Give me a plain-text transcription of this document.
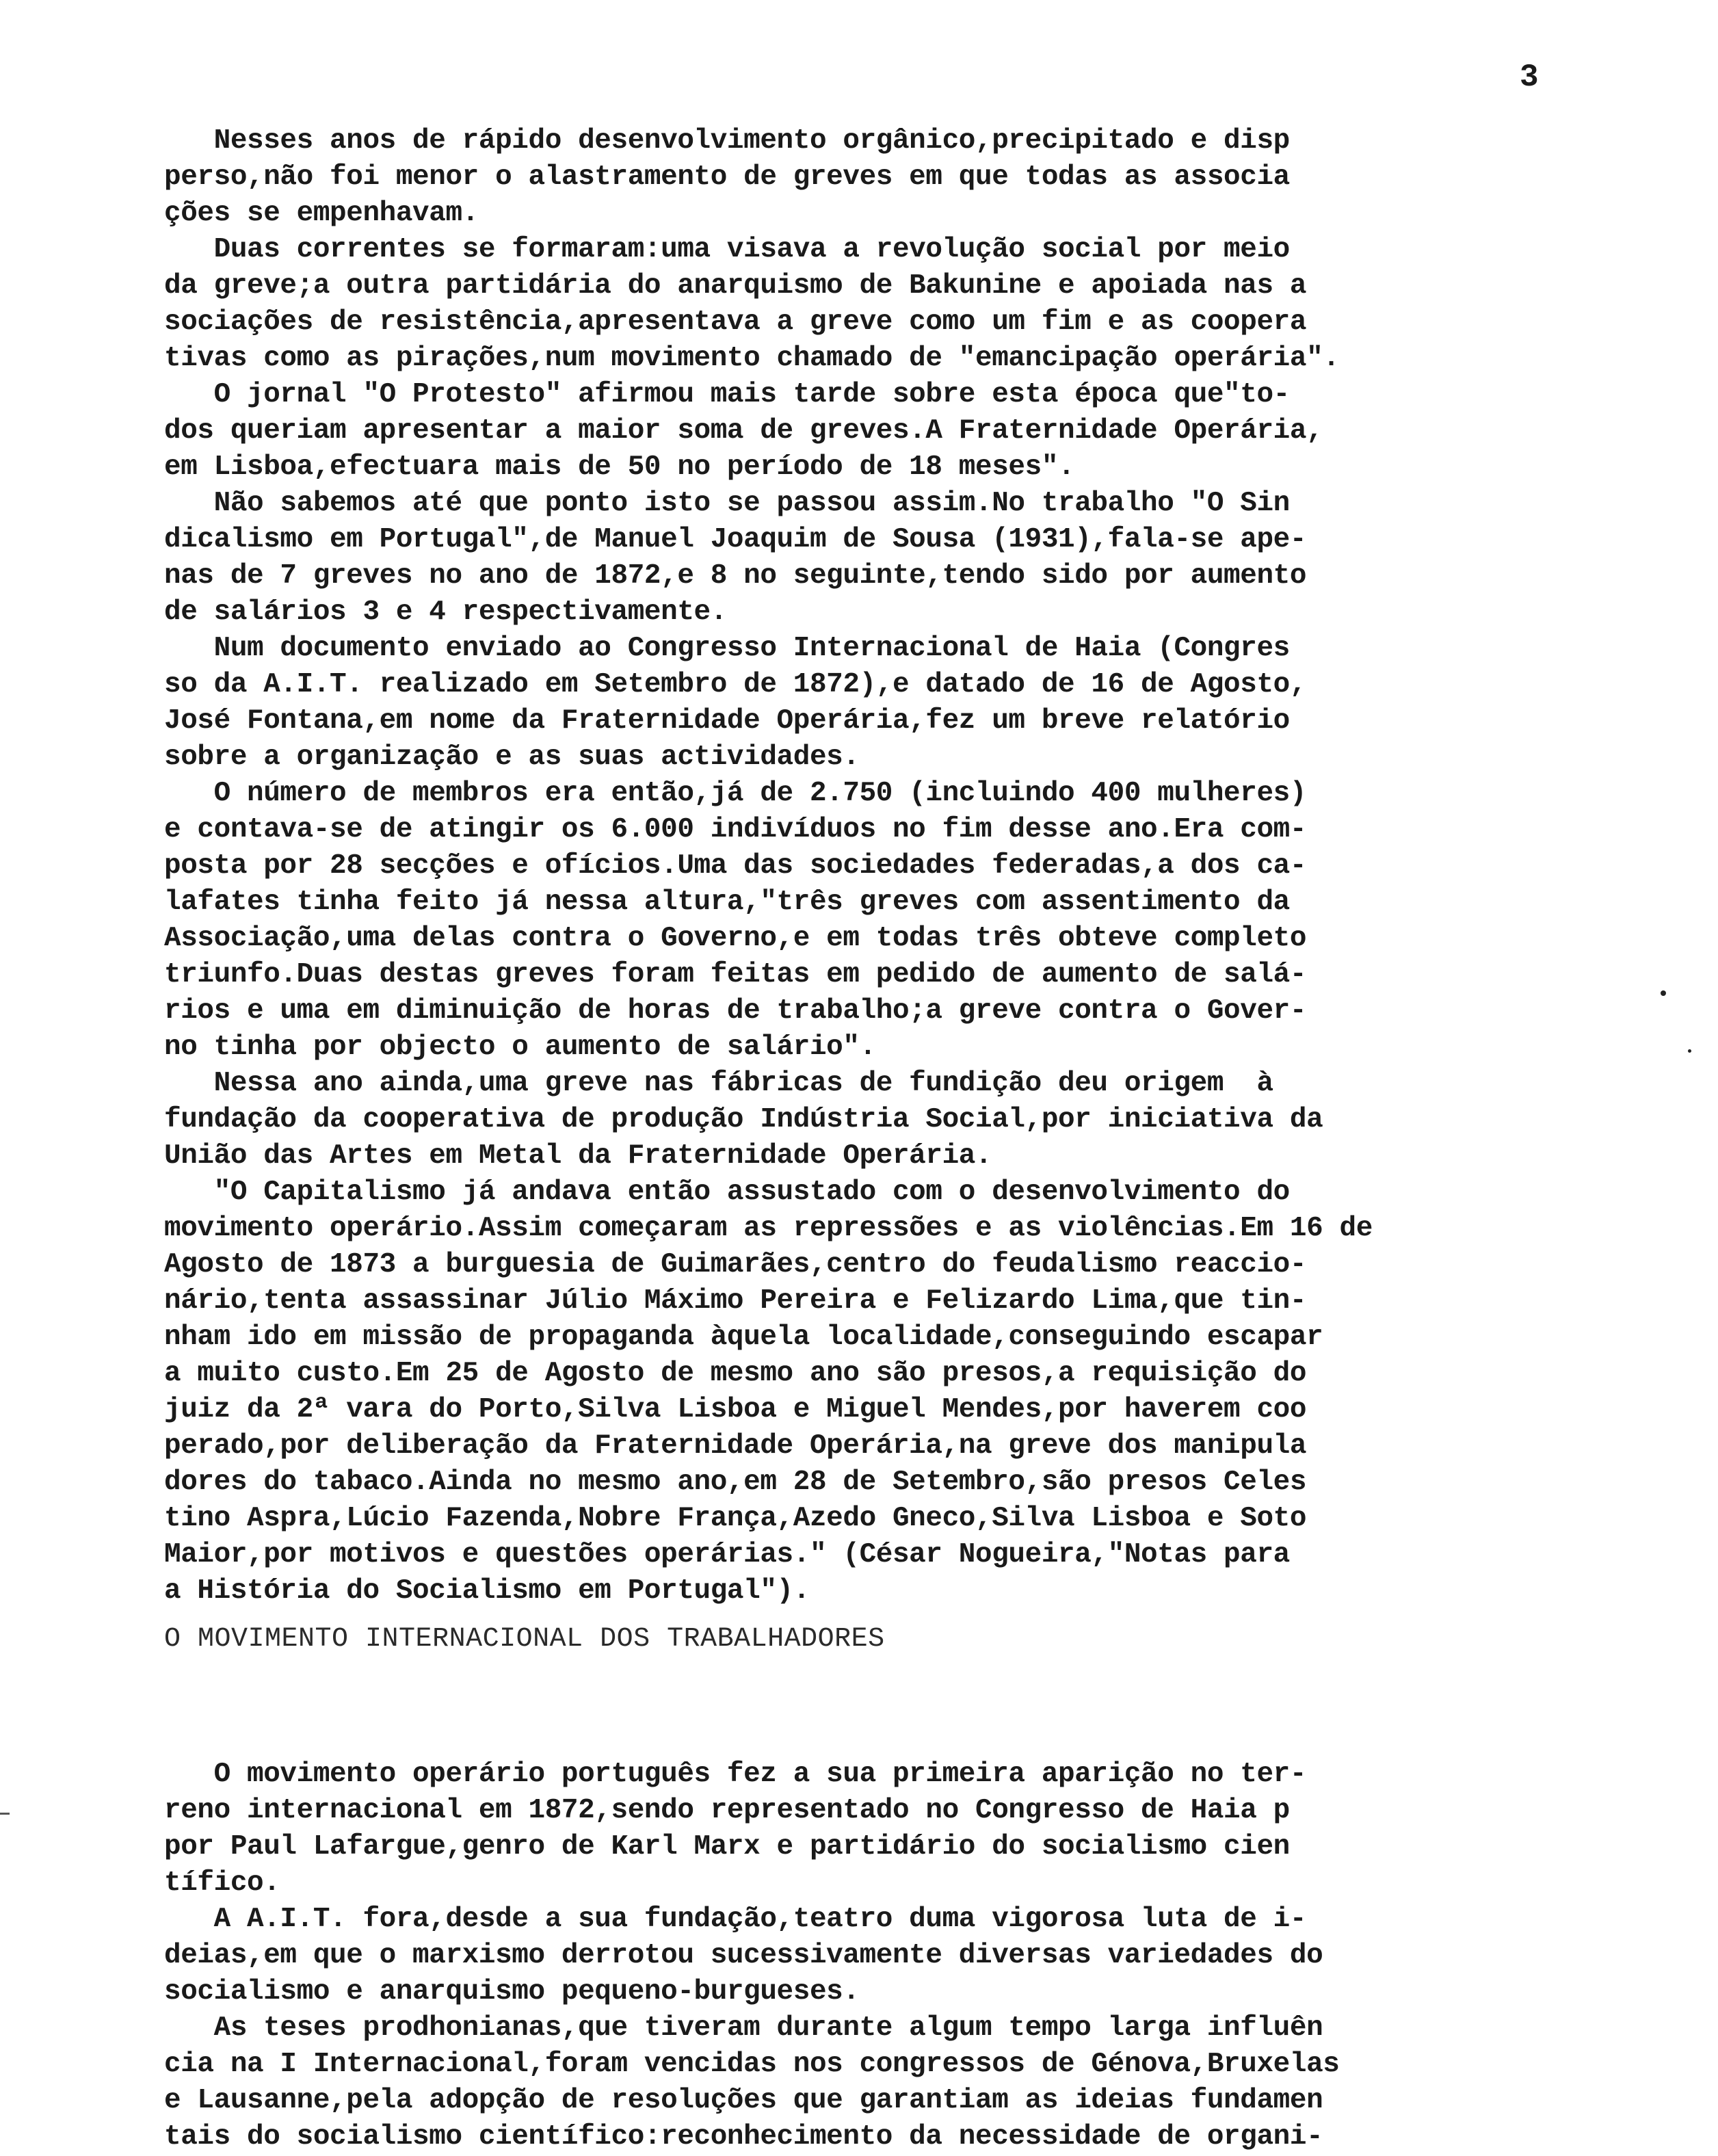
3
Nesses anos de rápido desenvolvimento orgânico,precipitado e disp
perso,não foi menor o alastramento de greves em que todas as associa
ções se empenhavam.
Duas correntes se formaram:uma visava a revolução social por meio
da greve;a outra partidária do anarquismo de Bakunine e apoiada nas a
sociações de resistência,apresentava a greve como um fim e as coopera
tivas como as pirações,num movimento chamado de "emancipação operária".
O jornal "O Protesto" afirmou mais tarde sobre esta época que"to-
dos queriam apresentar a maior soma de greves.A Fraternidade Operária,
em Lisboa,efectuara mais de 50 no período de 18 meses".
Não sabemos até que ponto isto se passou assim.No trabalho "O Sin
dicalismo em Portugal",de Manuel Joaquim de Sousa (1931),fala-se ape-
nas de 7 greves no ano de 1872,e 8 no seguinte,tendo sido por aumento
de salários 3 e 4 respectivamente.
Num documento enviado ao Congresso Internacional de Haia (Congres
so da A.I.T. realizado em Setembro de 1872),e datado de 16 de Agosto,
José Fontana,em nome da Fraternidade Operária,fez um breve relatório
sobre a organização e as suas actividades.
O número de membros era então,já de 2.750 (incluindo 400 mulheres)
e contava-se de atingir os 6.000 indivíduos no fim desse ano.Era com-
posta por 28 secções e ofícios.Uma das sociedades federadas,a dos ca-
lafates tinha feito já nessa altura,"três greves com assentimento da
Associação,uma delas contra o Governo,e em todas três obteve completo
triunfo.Duas destas greves foram feitas em pedido de aumento de salá-
rios e uma em diminuição de horas de trabalho;a greve contra o Gover-
no tinha por objecto o aumento de salário".
Nessa ano ainda,uma greve nas fábricas de fundição deu origem  à
fundação da cooperativa de produção Indústria Social,por iniciativa da
União das Artes em Metal da Fraternidade Operária.
"O Capitalismo já andava então assustado com o desenvolvimento do
movimento operário.Assim começaram as repressões e as violências.Em 16 de
Agosto de 1873 a burguesia de Guimarães,centro do feudalismo reaccio-
nário,tenta assassinar Júlio Máximo Pereira e Felizardo Lima,que tin-
nham ido em missão de propaganda àquela localidade,conseguindo escapar
a muito custo.Em 25 de Agosto de mesmo ano são presos,a requisição do
juiz da 2ª vara do Porto,Silva Lisboa e Miguel Mendes,por haverem coo
perado,por deliberação da Fraternidade Operária,na greve dos manipula
dores do tabaco.Ainda no mesmo ano,em 28 de Setembro,são presos Celes
tino Aspra,Lúcio Fazenda,Nobre França,Azedo Gneco,Silva Lisboa e Soto
Maior,por motivos e questões operárias." (César Nogueira,"Notas para
a História do Socialismo em Portugal").
O MOVIMENTO INTERNACIONAL DOS TRABALHADORES
O movimento operário português fez a sua primeira aparição no ter-
reno internacional em 1872,sendo representado no Congresso de Haia p
por Paul Lafargue,genro de Karl Marx e partidário do socialismo cien
tífico.
A A.I.T. fora,desde a sua fundação,teatro duma vigorosa luta de i-
deias,em que o marxismo derrotou sucessivamente diversas variedades do
socialismo e anarquismo pequeno-burgueses.
As teses prodhonianas,que tiveram durante algum tempo larga influên
cia na I Internacional,foram vencidas nos congressos de Génova,Bruxelas
e Lausanne,pela adopção de resoluções que garantiam as ideias fundamen
tais do socialismo científico:reconhecimento da necessidade de organi-
